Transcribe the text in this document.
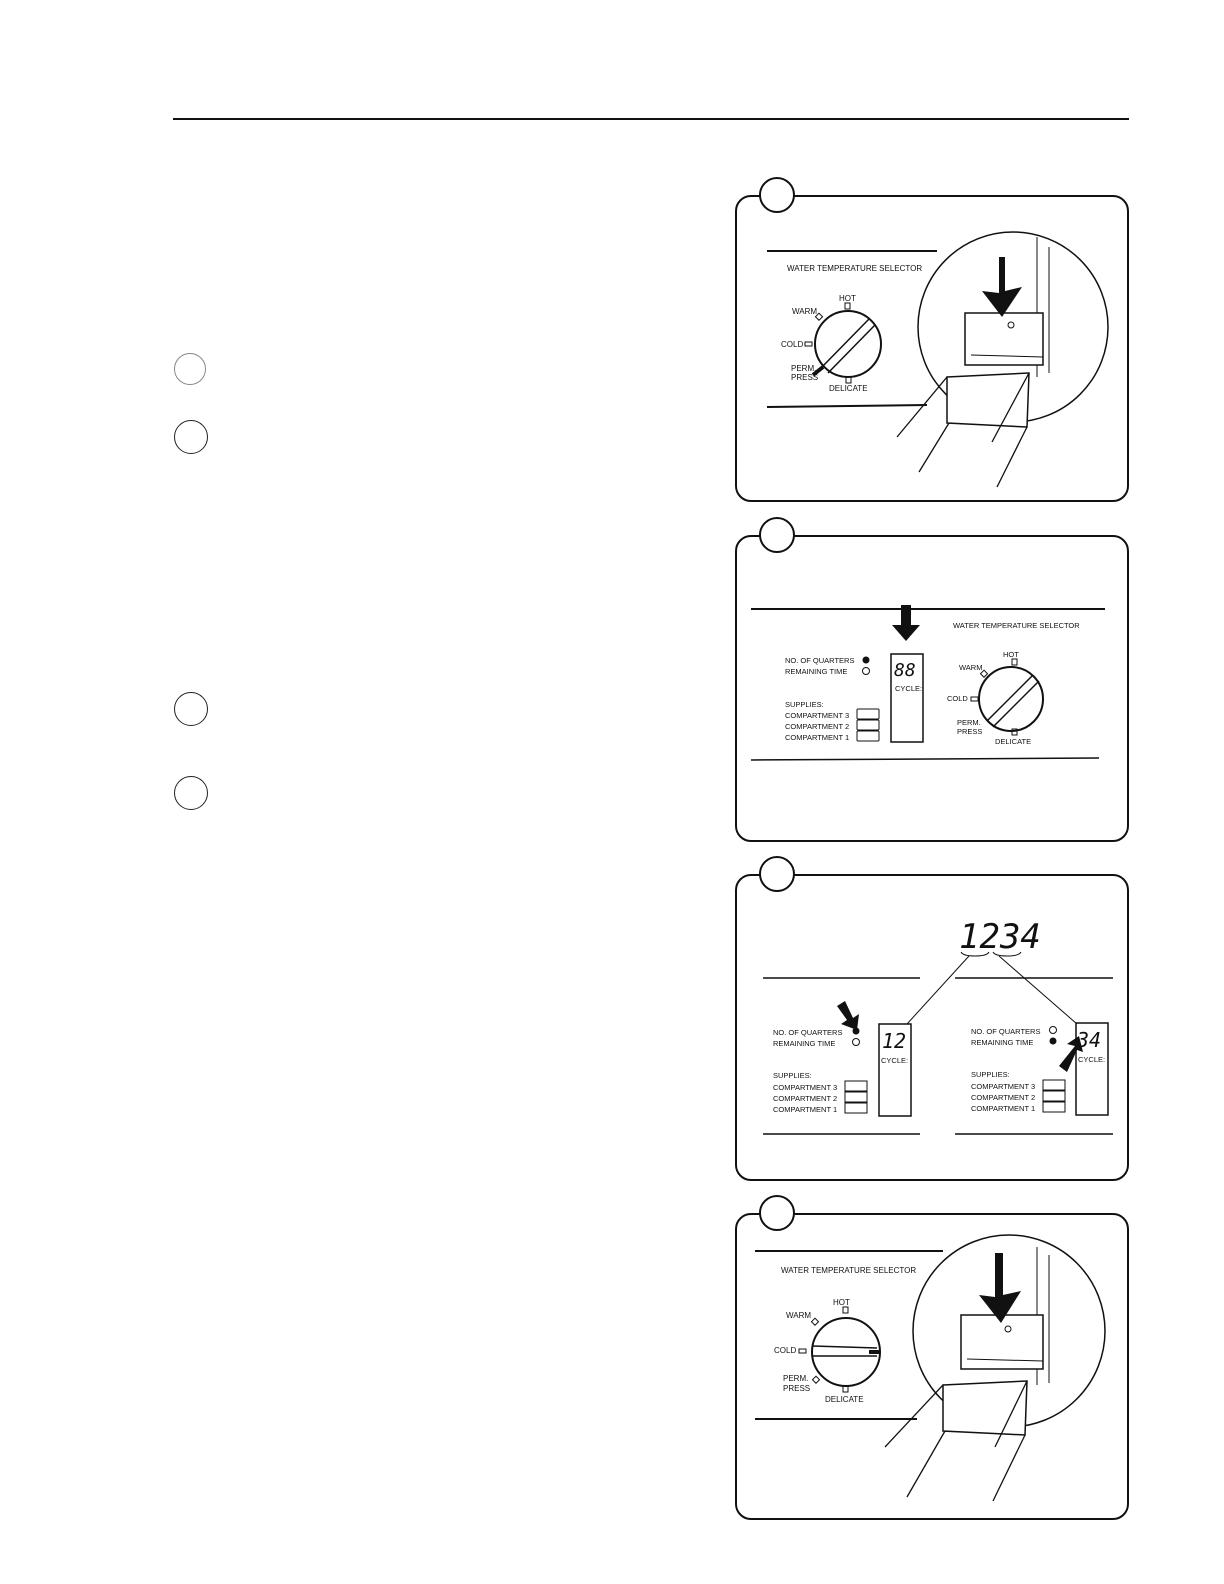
WATER TEMPERATURE SELECTOR
HOT
WARM
COLD
PERM.
PRESS
DELICATE
NO. OF QUARTERS
REMAINING TIME
SUPPLIES:
COMPARTMENT 3
COMPARTMENT 2
COMPARTMENT 1
88
CYCLE:
WATER TEMPERATURE SELECTOR
HOT
WARM
COLD
PERM.
PRESS
DELICATE
1234
NO. OF QUARTERS
REMAINING TIME
SUPPLIES:
COMPARTMENT 3
COMPARTMENT 2
COMPARTMENT 1
12
CYCLE:
NO. OF QUARTERS
REMAINING TIME
SUPPLIES:
COMPARTMENT 3
COMPARTMENT 2
COMPARTMENT 1
34
CYCLE:
WATER TEMPERATURE SELECTOR
HOT
WARM
COLD
PERM.
PRESS
DELICATE
